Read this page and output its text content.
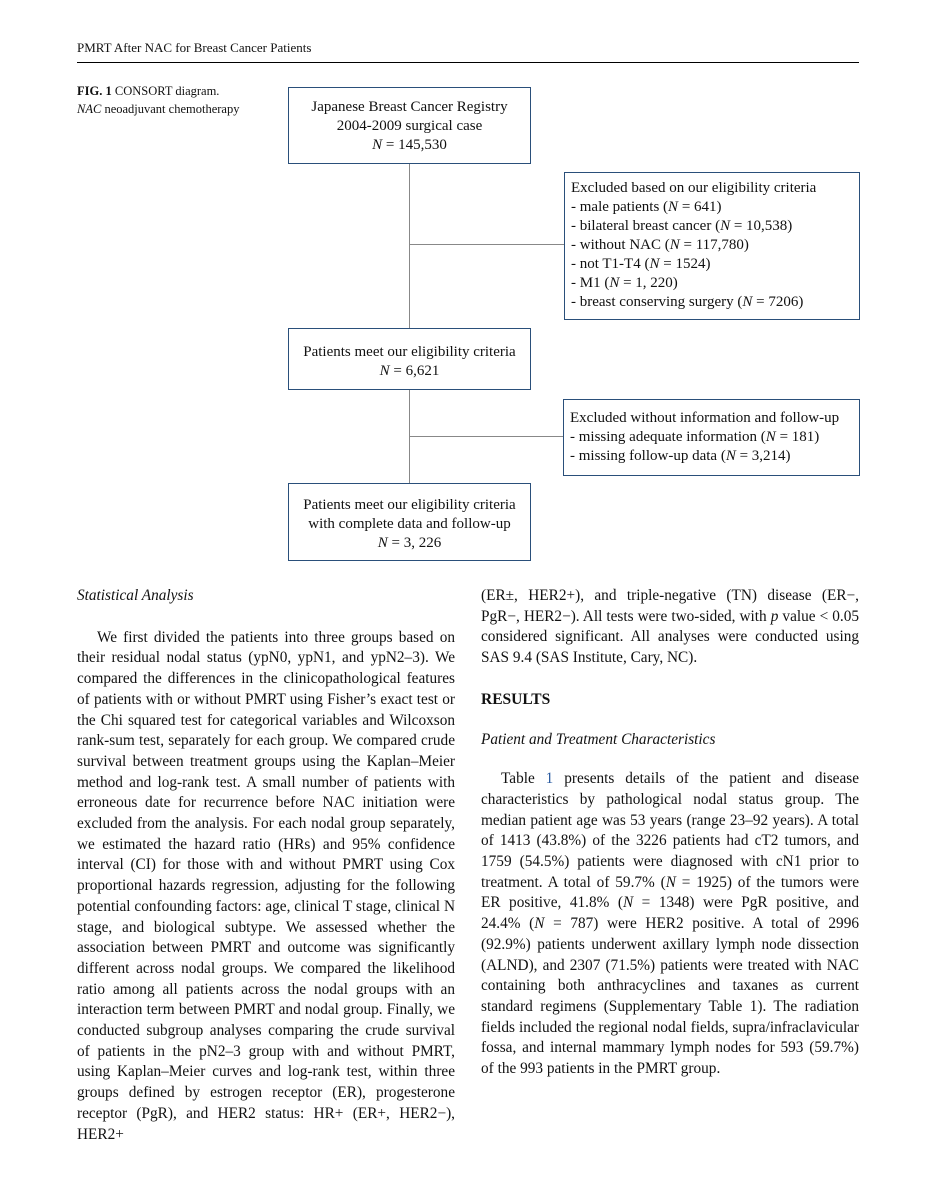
PMRT After NAC for Breast Cancer Patients
FIG. 1 CONSORT diagram.
NAC neoadjuvant chemotherapy	Japanese Breast Cancer Registry
2004-2009 surgical case
N = 145,530
Excluded based on our eligibility criteria
- male patients (N = 641)
- bilateral breast cancer (N = 10,538)
- without NAC (N = 117,780)
- not T1-T4 (N = 1524)
- M1 (N = 1, 220)
- breast conserving surgery (N = 7206)
Patients meet our eligibility criteria
N = 6,621
Excluded without information and follow-up
- missing adequate information (N = 181)
- missing follow-up data (N = 3,214)
Patients meet our eligibility criteria
with complete data and follow-up
N = 3, 226
Statistical Analysis

We first divided the patients into three groups based on their residual nodal status (ypN0, ypN1, and ypN2–3). We compared the differences in the clinicopathological features of patients with or without PMRT using Fisher’s exact test or the Chi squared test for categorical variables and Wilcoxson rank-sum test, separately for each group. We compared crude survival between treatment groups using the Kaplan–Meier method and log-rank test. A small number of patients with erroneous date for recurrence before NAC initiation were excluded from the analysis. For each nodal group separately, we estimated the hazard ratio (HRs) and 95% confidence interval (CI) for those with and without PMRT using Cox proportional hazards regression, adjusting for the following potential confounding factors: age, clinical T stage, clinical N stage, and biological subtype. We assessed whether the association between PMRT and outcome was significantly different across nodal groups. We compared the likelihood ratio among all patients across the nodal groups with an interaction term between PMRT and nodal group. Finally, we conducted subgroup analyses comparing the crude survival of patients in the pN2–3 group with and without PMRT, using Kaplan–Meier curves and log-rank test, within three groups defined by estrogen receptor (ER), progesterone receptor (PgR), and HER2 status: HR+ (ER+, HER2−), HER2+

(ER±, HER2+), and triple-negative (TN) disease (ER−, PgR−, HER2−). All tests were two-sided, with p value < 0.05 considered significant. All analyses were conducted using SAS 9.4 (SAS Institute, Cary, NC).

RESULTS
Patient and Treatment Characteristics

Table 1 presents details of the patient and disease characteristics by pathological nodal status group. The median patient age was 53 years (range 23–92 years). A total of 1413 (43.8%) of the 3226 patients had cT2 tumors, and 1759 (54.5%) patients were diagnosed with cN1 prior to treatment. A total of 59.7% (N = 1925) of the tumors were ER positive, 41.8% (N = 1348) were PgR positive, and 24.4% (N = 787) were HER2 positive. A total of 2996 (92.9%) patients underwent axillary lymph node dissection (ALND), and 2307 (71.5%) patients were treated with NAC containing both anthracyclines and taxanes as current standard regimens (Supplementary Table 1). The radiation fields included the regional nodal fields, supra/infraclavicular fossa, and internal mammary lymph nodes for 593 (59.7%) of the 993 patients in the PMRT group.
